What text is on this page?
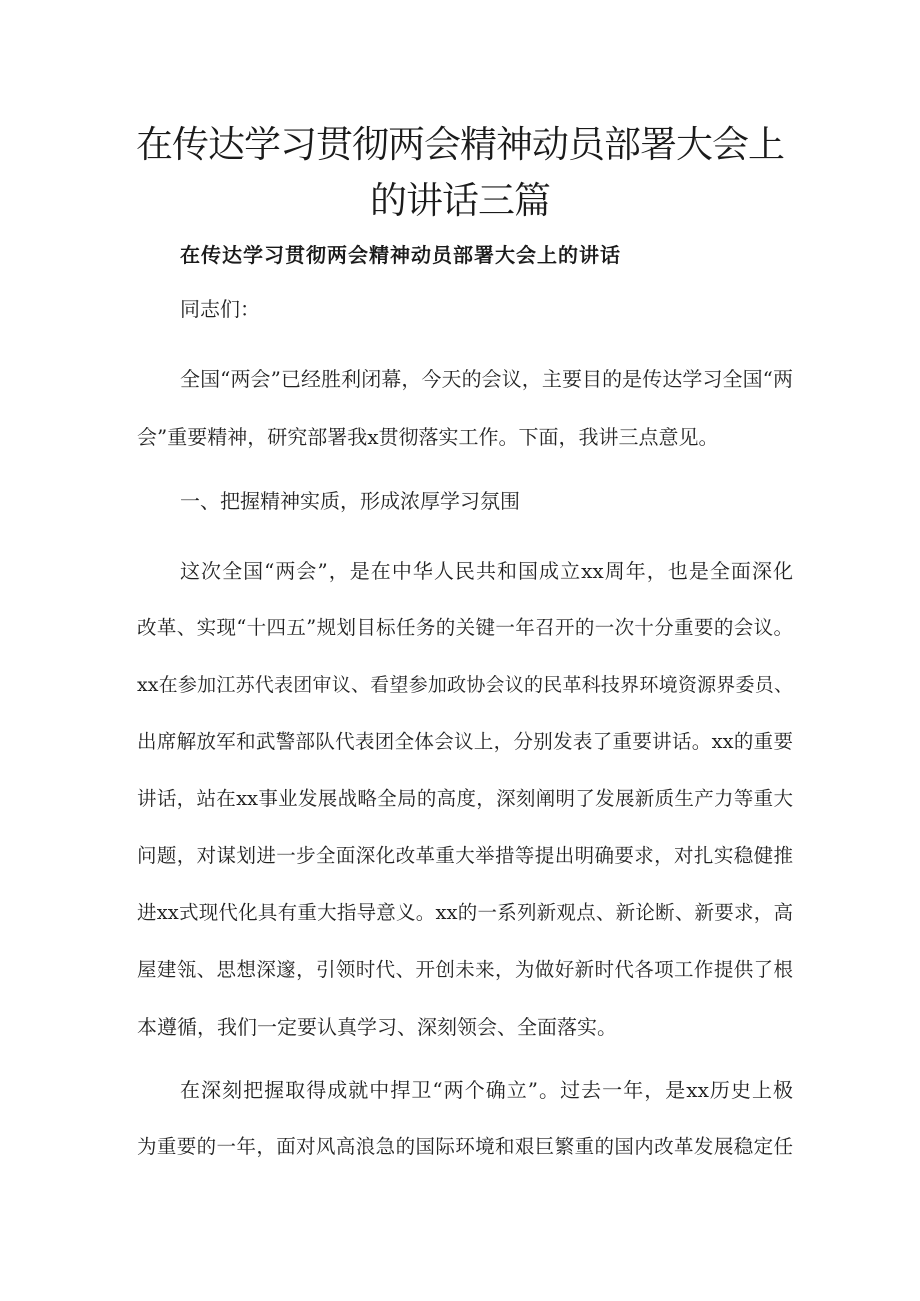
在传达学习贯彻两会精神动员部署大会上
的讲话三篇
在传达学习贯彻两会精神动员部署大会上的讲话

同志们：

全国“两会”已经胜利闭幕，今天的会议，主要目的是传达学习全国“两

会”重要精神，研究部署我x贯彻落实工作。下面，我讲三点意见。

一、把握精神实质，形成浓厚学习氛围

这次全国“两会”，是在中华人民共和国成立xx周年，也是全面深化

改革、实现“十四五”规划目标任务的关键一年召开的一次十分重要的会议。

xx在参加江苏代表团审议、看望参加政协会议的民革科技界环境资源界委员、

出席解放军和武警部队代表团全体会议上，分别发表了重要讲话。xx的重要

讲话，站在xx事业发展战略全局的高度，深刻阐明了发展新质生产力等重大

问题，对谋划进一步全面深化改革重大举措等提出明确要求，对扎实稳健推

进xx式现代化具有重大指导意义。xx的一系列新观点、新论断、新要求，高

屋建瓴、思想深邃，引领时代、开创未来，为做好新时代各项工作提供了根

本遵循，我们一定要认真学习、深刻领会、全面落实。

在深刻把握取得成就中捍卫“两个确立”。过去一年，是xx历史上极

为重要的一年，面对风高浪急的国际环境和艰巨繁重的国内改革发展稳定任
